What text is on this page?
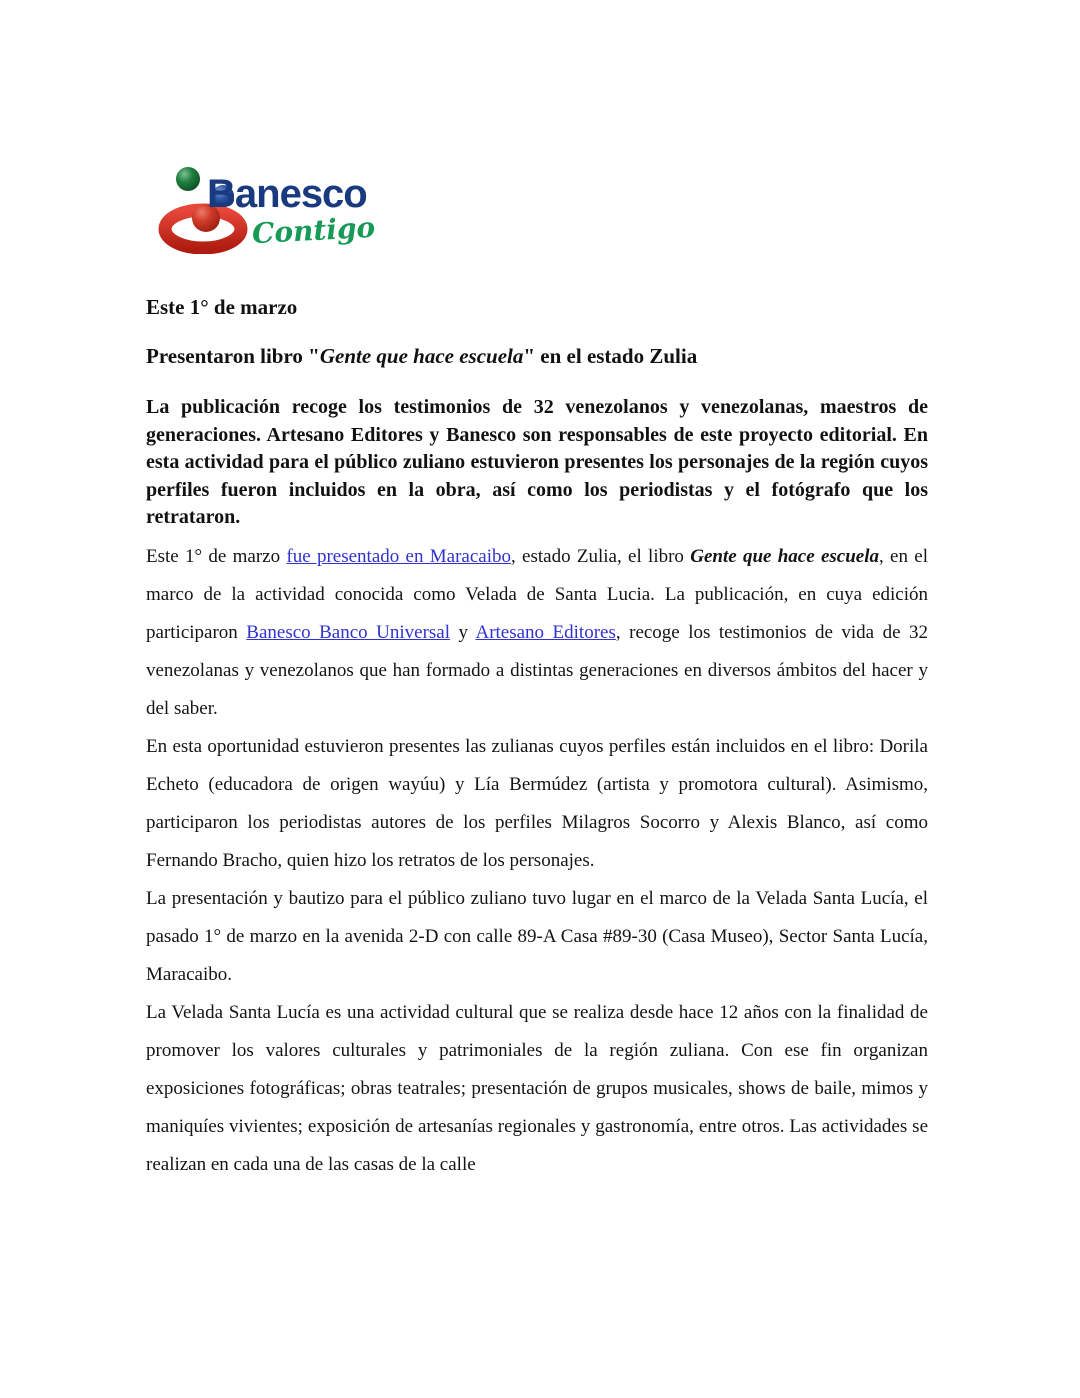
Banesco
Contigo
Este 1° de marzo
Presentaron libro "Gente que hace escuela" en el estado Zulia

La publicación recoge los testimonios de 32 venezolanos y venezolanas, maestros de generaciones. Artesano Editores y Banesco son responsables de este proyecto editorial. En esta actividad para el público zuliano estuvieron presentes los personajes de la región cuyos perfiles fueron incluidos en la obra, así como los periodistas y el fotógrafo que los retrataron.

Este 1° de marzo fue presentado en Maracaibo, estado Zulia, el libro Gente que hace escuela, en el marco de la actividad conocida como Velada de Santa Lucia. La publicación, en cuya edición participaron Banesco Banco Universal y Artesano Editores, recoge los testimonios de vida de 32 venezolanas y venezolanos que han formado a distintas generaciones en diversos ámbitos del hacer y del saber.

En esta oportunidad estuvieron presentes las zulianas cuyos perfiles están incluidos en el libro: Dorila Echeto (educadora de origen wayúu) y Lía Bermúdez (artista y promotora cultural). Asimismo, participaron los periodistas autores de los perfiles Milagros Socorro y Alexis Blanco, así como Fernando Bracho, quien hizo los retratos de los personajes.

La presentación y bautizo para el público zuliano tuvo lugar en el marco de la Velada Santa Lucía, el pasado 1° de marzo en la avenida 2-D con calle 89-A Casa #89-30 (Casa Museo), Sector Santa Lucía, Maracaibo.

La Velada Santa Lucía es una actividad cultural que se realiza desde hace 12 años con la finalidad de promover los valores culturales y patrimoniales de la región zuliana. Con ese fin organizan exposiciones fotográficas; obras teatrales; presentación de grupos musicales, shows de baile, mimos y maniquíes vivientes; exposición de artesanías regionales y gastronomía, entre otros. Las actividades se realizan en cada una de las casas de la calle
